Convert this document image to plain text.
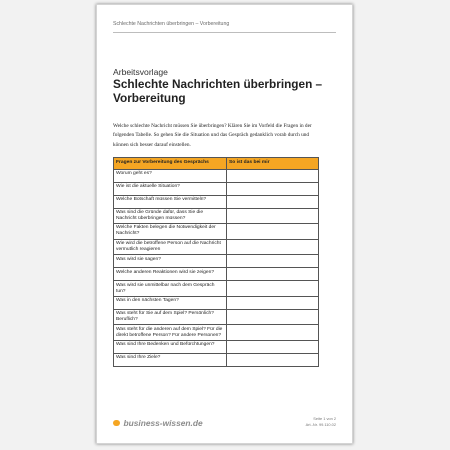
Schlechte Nachrichten überbringen – Vorbereitung
Arbeitsvorlage
Schlechte Nachrichten überbringen – Vorbereitung
Welche schlechte Nachricht müssen Sie überbringen? Klären Sie im Vorfeld die Fragen in der folgenden Tabelle. So gehen Sie die Situation und das Gespräch gedanklich vorab durch und können sich besser darauf einstellen.
Fragen zur Vorbereitung des Gesprächs	So ist das bei mir
Worum geht es?	
Wie ist die aktuelle Situation?	
Welche Botschaft müssen Sie vermitteln?	
Was sind die Gründe dafür, dass Sie die Nachricht überbringen müssen?	
Welche Fakten belegen die Notwendigkeit der Nachricht?	
Wie wird die betroffene Person auf die Nachricht vermutlich reagieren	
Was wird sie sagen?	
Welche anderen Reaktionen wird sie zeigen?	
Was wird sie unmittelbar nach dem Gespräch tun?	
Was in den nächsten Tagen?	
Was steht für Sie auf dem Spiel? Persönlich? Beruflich?	
Was steht für die anderen auf dem Spiel? Für die direkt betroffene Person? Für andere Personen?	
Was sind Ihre Bedenken und Befürchtungen?	
Was sind Ihre Ziele?	
business-wissen.de	Seite 1 von 2
Art.-Nr. 99.110.02
